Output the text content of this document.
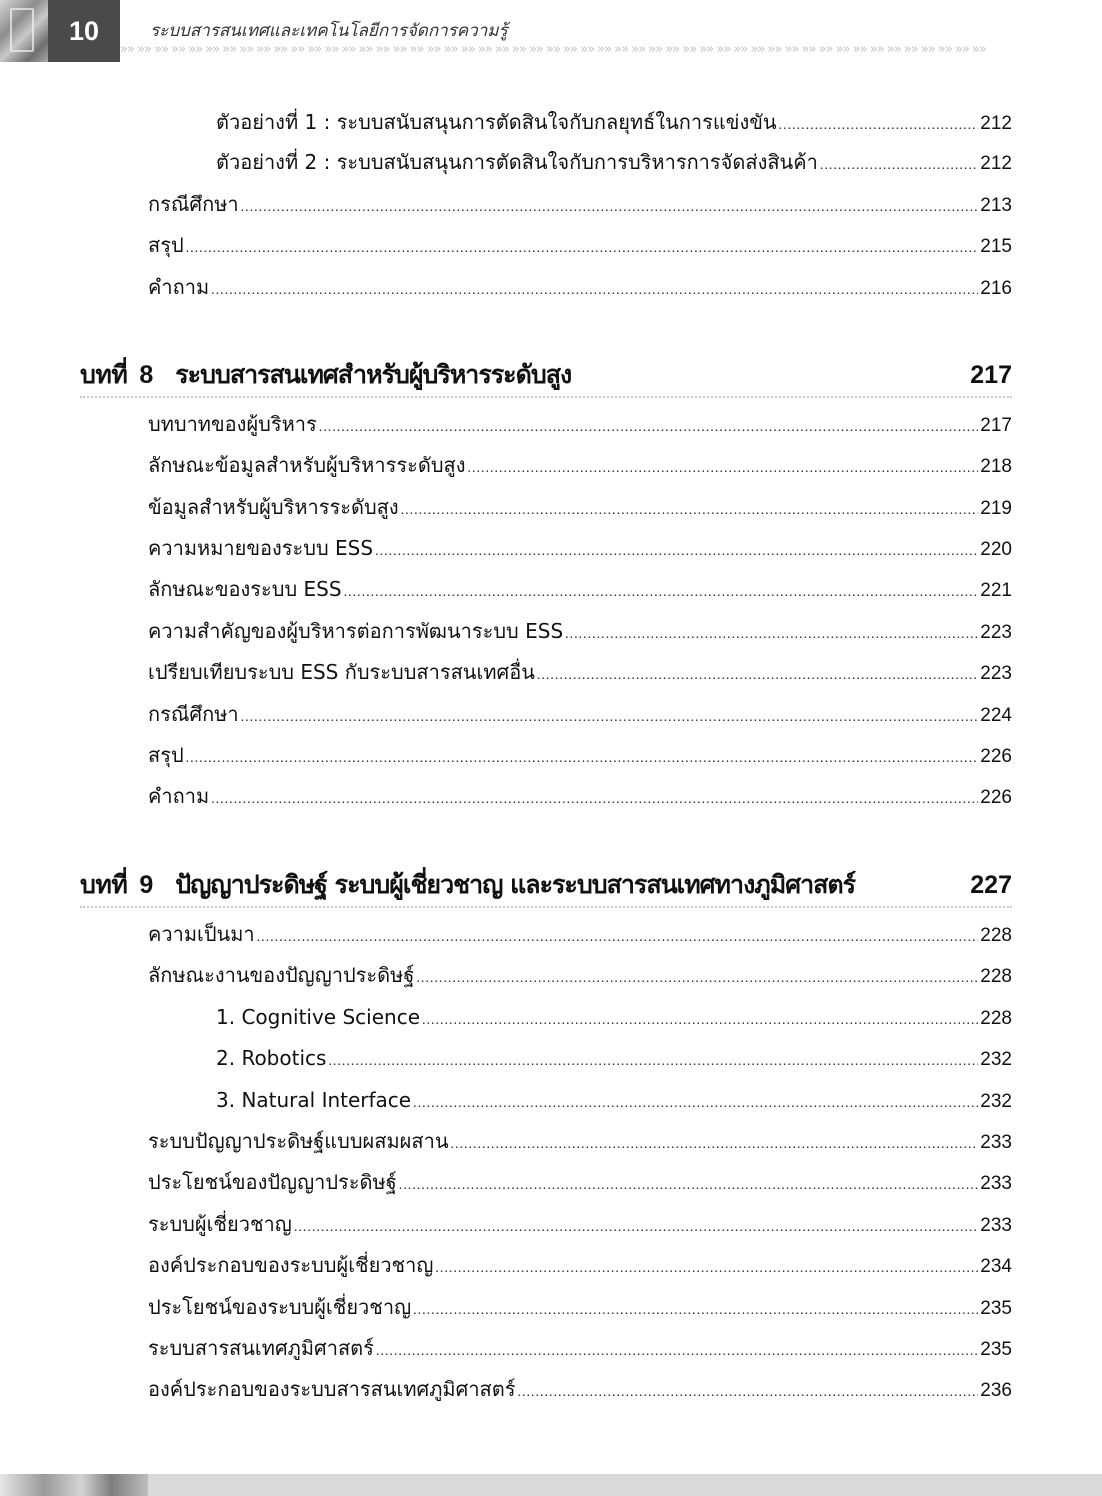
10	ระบบสารสนเทศและเทคโนโลยีการจัดการความรู้
»» »» »» »» »» »» »» »» »» »» »» »» »» »» »» »» »» »» »» »» »» »» »» »» »» »» »» »» »» »» »» »» »» »» »» »» »» »» »» »» »» »» »» »» »» »» »» »» »» »» »»
ตัวอย่างที่ 1 : ระบบสนับสนุนการตัดสินใจกับกลยุทธ์ในการแข่งขัน .....	212
ตัวอย่างที่ 2 : ระบบสนับสนุนการตัดสินใจกับการบริหารการจัดส่งสินค้า .....	212
กรณีศึกษา .....	213
สรุป .....	215
คำถาม .....	216
บทที่ 8 ระบบสารสนเทศสำหรับผู้บริหารระดับสูง	217
บทบาทของผู้บริหาร .....	217
ลักษณะข้อมูลสำหรับผู้บริหารระดับสูง .....	218
ข้อมูลสำหรับผู้บริหารระดับสูง .....	219
ความหมายของระบบ ESS .....	220
ลักษณะของระบบ ESS .....	221
ความสำคัญของผู้บริหารต่อการพัฒนาระบบ ESS .....	223
เปรียบเทียบระบบ ESS กับระบบสารสนเทศอื่น .....	223
กรณีศึกษา .....	224
สรุป .....	226
คำถาม .....	226
บทที่ 9 ปัญญาประดิษฐ์ ระบบผู้เชี่ยวชาญ และระบบสารสนเทศทางภูมิศาสตร์	227
ความเป็นมา .....	228
ลักษณะงานของปัญญาประดิษฐ์ .....	228
1. Cognitive Science .....	228
2. Robotics .....	232
3. Natural Interface .....	232
ระบบปัญญาประดิษฐ์แบบผสมผสาน .....	233
ประโยชน์ของปัญญาประดิษฐ์ .....	233
ระบบผู้เชี่ยวชาญ .....	233
องค์ประกอบของระบบผู้เชี่ยวชาญ .....	234
ประโยชน์ของระบบผู้เชี่ยวชาญ .....	235
ระบบสารสนเทศภูมิศาสตร์ .....	235
องค์ประกอบของระบบสารสนเทศภูมิศาสตร์ .....	236
